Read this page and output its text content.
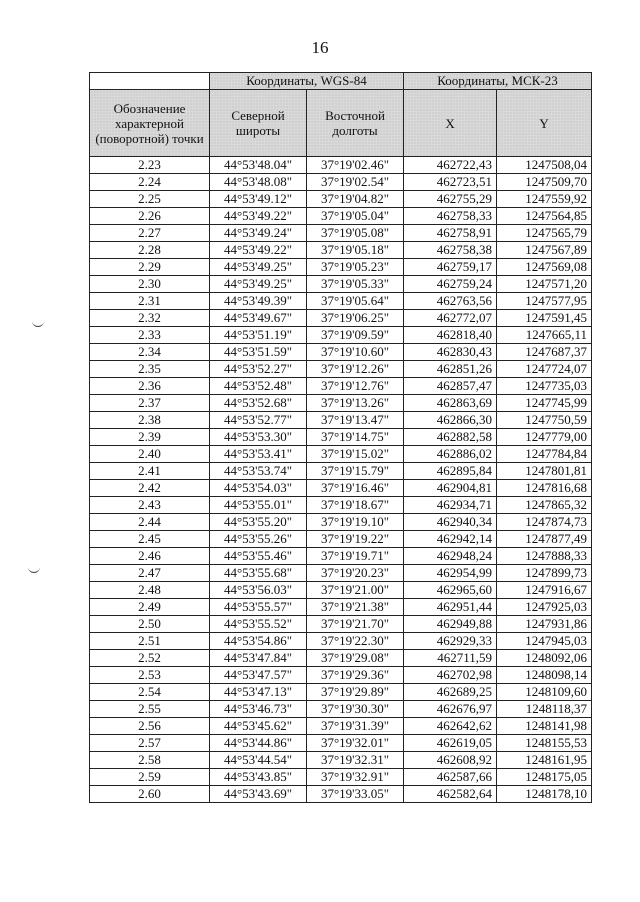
16
	Координаты, WGS-84		Координаты, МСК-23	
Обозначение характерной (поворотной) точки	Северной широты	Восточной долготы	X	Y
2.23	44°53'48.04"	37°19'02.46"	462722,43	1247508,04
2.24	44°53'48.08"	37°19'02.54"	462723,51	1247509,70
2.25	44°53'49.12"	37°19'04.82"	462755,29	1247559,92
2.26	44°53'49.22"	37°19'05.04"	462758,33	1247564,85
2.27	44°53'49.24"	37°19'05.08"	462758,91	1247565,79
2.28	44°53'49.22"	37°19'05.18"	462758,38	1247567,89
2.29	44°53'49.25"	37°19'05.23"	462759,17	1247569,08
2.30	44°53'49.25"	37°19'05.33"	462759,24	1247571,20
2.31	44°53'49.39"	37°19'05.64"	462763,56	1247577,95
2.32	44°53'49.67"	37°19'06.25"	462772,07	1247591,45
2.33	44°53'51.19"	37°19'09.59"	462818,40	1247665,11
2.34	44°53'51.59"	37°19'10.60"	462830,43	1247687,37
2.35	44°53'52.27"	37°19'12.26"	462851,26	1247724,07
2.36	44°53'52.48"	37°19'12.76"	462857,47	1247735,03
2.37	44°53'52.68"	37°19'13.26"	462863,69	1247745,99
2.38	44°53'52.77"	37°19'13.47"	462866,30	1247750,59
2.39	44°53'53.30"	37°19'14.75"	462882,58	1247779,00
2.40	44°53'53.41"	37°19'15.02"	462886,02	1247784,84
2.41	44°53'53.74"	37°19'15.79"	462895,84	1247801,81
2.42	44°53'54.03"	37°19'16.46"	462904,81	1247816,68
2.43	44°53'55.01"	37°19'18.67"	462934,71	1247865,32
2.44	44°53'55.20"	37°19'19.10"	462940,34	1247874,73
2.45	44°53'55.26"	37°19'19.22"	462942,14	1247877,49
2.46	44°53'55.46"	37°19'19.71"	462948,24	1247888,33
2.47	44°53'55.68"	37°19'20.23"	462954,99	1247899,73
2.48	44°53'56.03"	37°19'21.00"	462965,60	1247916,67
2.49	44°53'55.57"	37°19'21.38"	462951,44	1247925,03
2.50	44°53'55.52"	37°19'21.70"	462949,88	1247931,86
2.51	44°53'54.86"	37°19'22.30"	462929,33	1247945,03
2.52	44°53'47.84"	37°19'29.08"	462711,59	1248092,06
2.53	44°53'47.57"	37°19'29.36"	462702,98	1248098,14
2.54	44°53'47.13"	37°19'29.89"	462689,25	1248109,60
2.55	44°53'46.73"	37°19'30.30"	462676,97	1248118,37
2.56	44°53'45.62"	37°19'31.39"	462642,62	1248141,98
2.57	44°53'44.86"	37°19'32.01"	462619,05	1248155,53
2.58	44°53'44.54"	37°19'32.31"	462608,92	1248161,95
2.59	44°53'43.85"	37°19'32.91"	462587,66	1248175,05
2.60	44°53'43.69"	37°19'33.05"	462582,64	1248178,10
